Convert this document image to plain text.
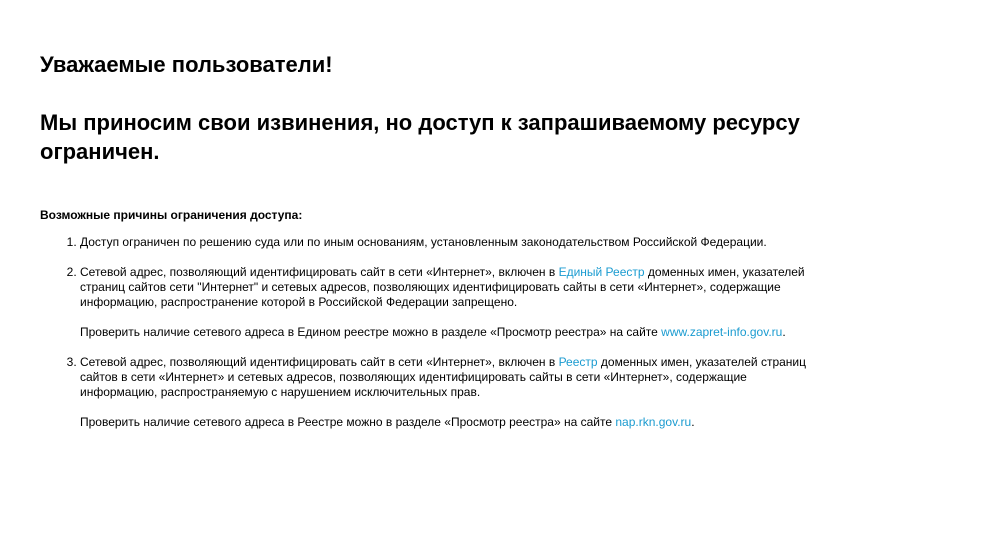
Уважаемые пользователи!
Мы приносим свои извинения, но доступ к запрашиваемому ресурсу ограничен.
Возможные причины ограничения доступа:

1. Доступ ограничен по решению суда или по иным основаниям, установленным законодательством Российской Федерации.

2. Сетевой адрес, позволяющий идентифицировать сайт в сети «Интернет», включен в Единый Реестр доменных имен, указателей страниц сайтов сети "Интернет" и сетевых адресов, позволяющих идентифицировать сайты в сети «Интернет», содержащие информацию, распространение которой в Российской Федерации запрещено.

Проверить наличие сетевого адреса в Едином реестре можно в разделе «Просмотр реестра» на сайте www.zapret-info.gov.ru.

3. Сетевой адрес, позволяющий идентифицировать сайт в сети «Интернет», включен в Реестр доменных имен, указателей страниц сайтов в сети «Интернет» и сетевых адресов, позволяющих идентифицировать сайты в сети «Интернет», содержащие информацию, распространяемую с нарушением исключительных прав.

Проверить наличие сетевого адреса в Реестре можно в разделе «Просмотр реестра» на сайте nap.rkn.gov.ru.
